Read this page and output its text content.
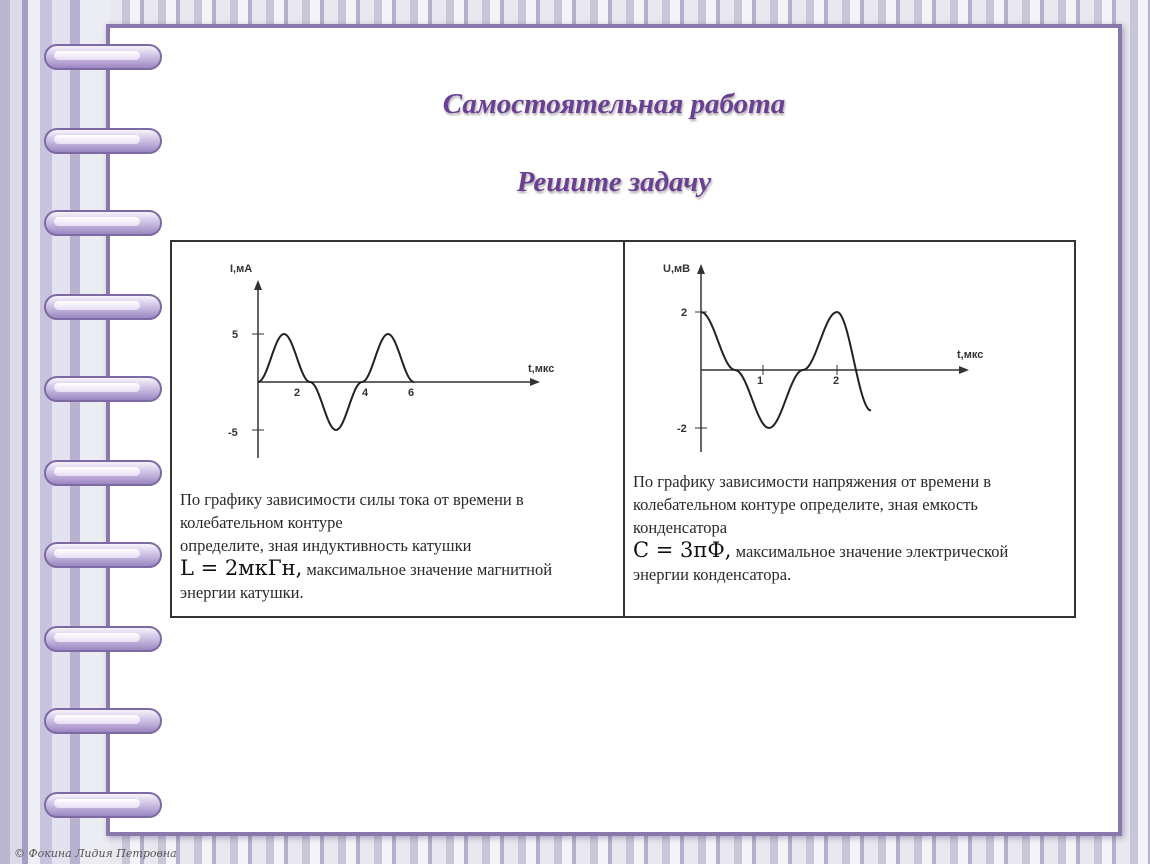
Самостоятельная работа
Решите задачу
I,мА
t,мкс
5
-5
2	4	6
По графику зависимости силы тока от времени в
колебательном контуре
определите, зная индуктивность катушки
L = 2мкГн, максимальное значение магнитной
энергии катушки.
U,мВ
t,мкс
2
-2
1	2
По графику зависимости напряжения от времени в
колебательном контуре определите, зная емкость
конденсатора
C = 3пФ, максимальное значение электрической
энергии конденсатора.
© Фокина Лидия Петровна
